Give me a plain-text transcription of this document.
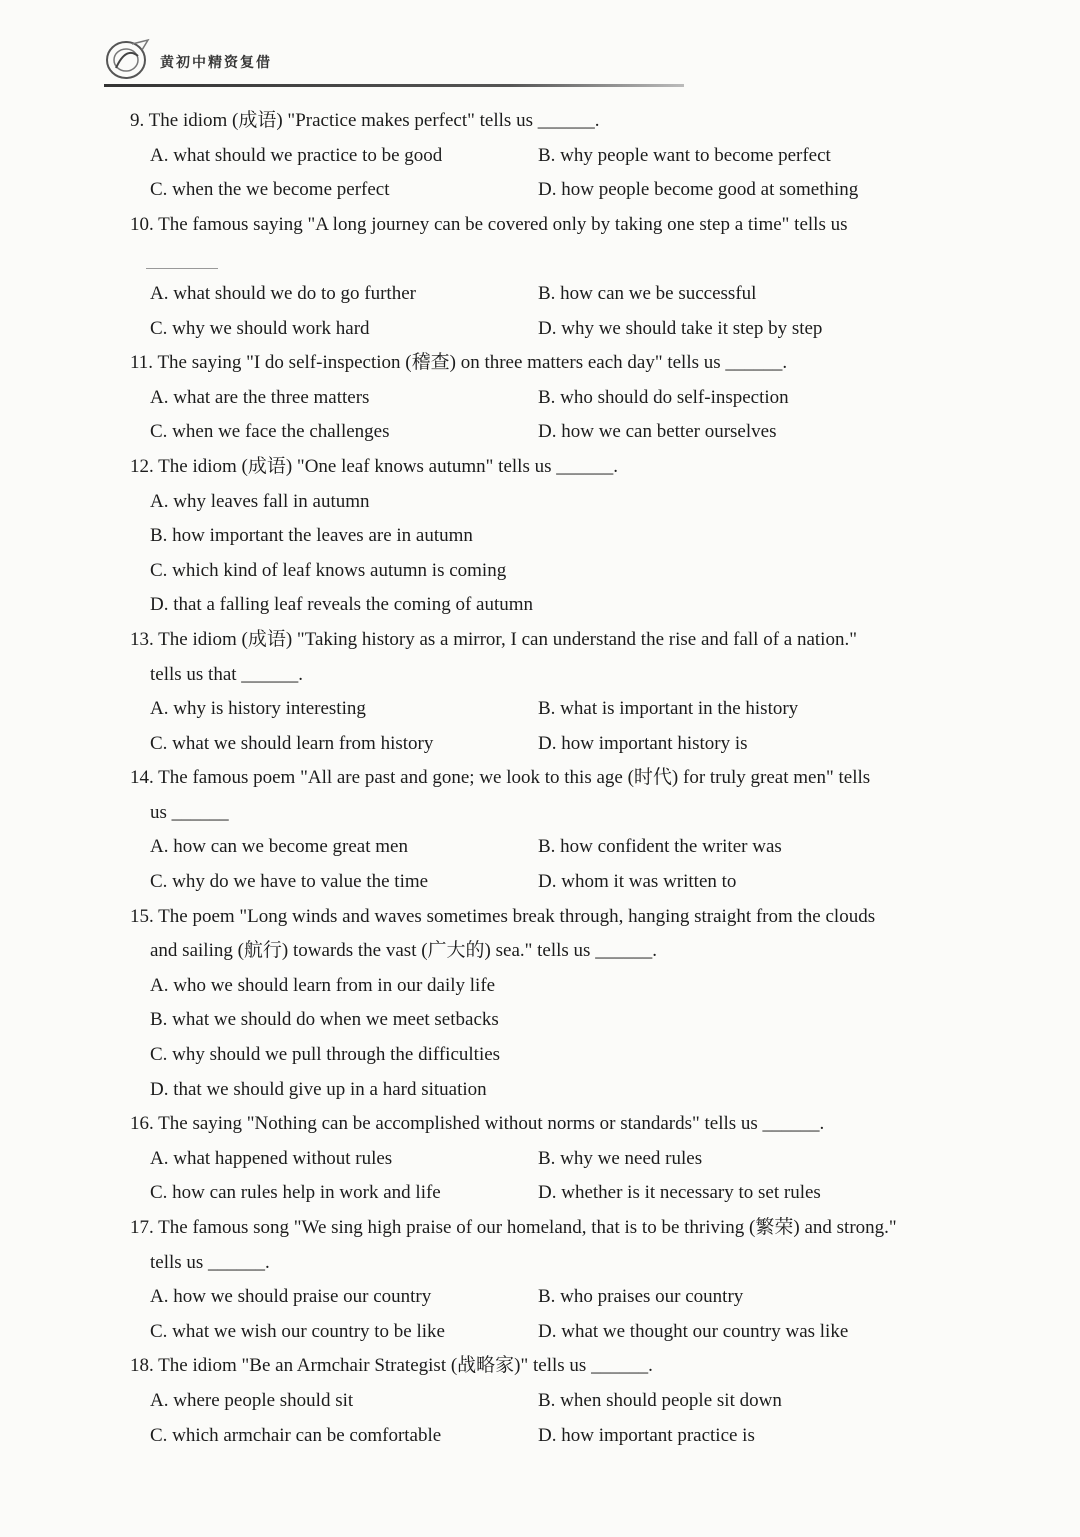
黄初中精资复借
9. The idiom (成语) "Practice makes perfect" tells us ______.
A. what should we practice to be good	B. why people want to become perfect
C. when the we become perfect	D. how people become good at something
10. The famous saying "A long journey can be covered only by taking one step a time" tells us
A. what should we do to go further	B. how can we be successful
C. why we should work hard	D. why we should take it step by step
11. The saying "I do self-inspection (稽查) on three matters each day" tells us ______.
A. what are the three matters	B. who should do self-inspection
C. when we face the challenges	D. how we can better ourselves
12. The idiom (成语) "One leaf knows autumn" tells us ______.
A. why leaves fall in autumn
B. how important the leaves are in autumn
C. which kind of leaf knows autumn is coming
D. that a falling leaf reveals the coming of autumn
13. The idiom (成语) "Taking history as a mirror, I can understand the rise and fall of a nation."
tells us that ______.
A. why is history interesting	B. what is important in the history
C. what we should learn from history	D. how important history is
14. The famous poem "All are past and gone; we look to this age (时代) for truly great men" tells
us ______
A. how can we become great men	B. how confident the writer was
C. why do we have to value the time	D. whom it was written to
15. The poem "Long winds and waves sometimes break through, hanging straight from the clouds
and sailing (航行) towards the vast (广大的) sea." tells us ______.
A. who we should learn from in our daily life
B. what we should do when we meet setbacks
C. why should we pull through the difficulties
D. that we should give up in a hard situation
16. The saying "Nothing can be accomplished without norms or standards" tells us ______.
A. what happened without rules	B. why we need rules
C. how can rules help in work and life	D. whether is it necessary to set rules
17. The famous song "We sing high praise of our homeland, that is to be thriving (繁荣) and strong."
tells us ______.
A. how we should praise our country	B. who praises our country
C. what we wish our country to be like	D. what we thought our country was like
18. The idiom "Be an Armchair Strategist (战略家)" tells us ______.
A. where people should sit	B. when should people sit down
C. which armchair can be comfortable	D. how important practice is
